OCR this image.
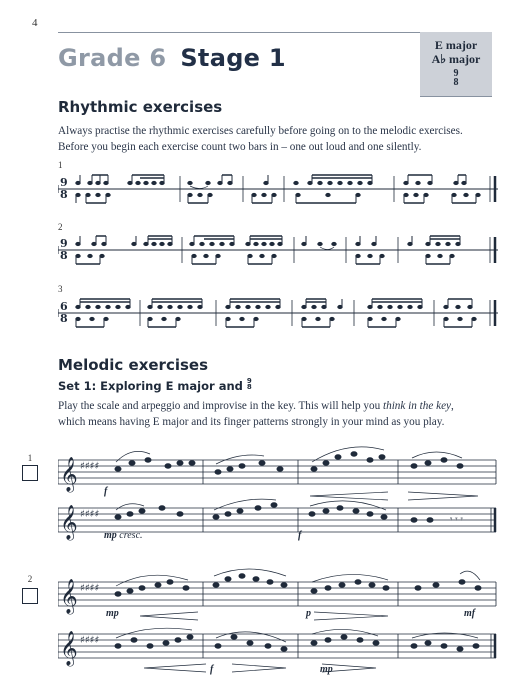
4
Grade 6 Stage 1	E major
A♭ major
9
8
Rhythmic exercises
Always practise the rhythmic exercises carefully before going on to the melodic exercises.
Before you begin each exercise count two bars in – one out loud and one silently.
1
9
8
2
9
8
3
6
8
Melodic exercises
Set 1: Exploring E major and 9
8
Play the scale and arpeggio and improvise in the key. This will help you think in the key,
which means having E major and its finger patterns strongly in your mind as you play.
1 𝄞 ♯♯♯♯
f
𝄞 ♯♯♯♯	𝄾 𝄾 𝄾
mp cresc.	f
2 𝄞 ♯♯♯♯
mp	p	mf
𝄞 ♯♯♯♯
f	mp
